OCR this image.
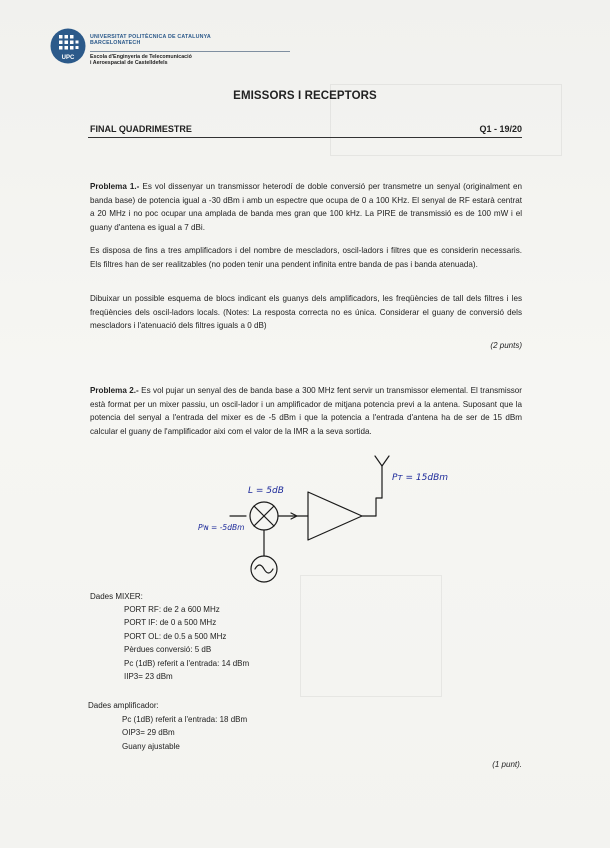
UPC
UNIVERSITAT POLITÈCNICA DE CATALUNYA
BARCELONATECH
Escola d'Enginyeria de Telecomunicació
i Aeroespacial de Castelldefels
EMISSORS I RECEPTORS
FINAL QUADRIMESTRE	Q1 - 19/20
Problema 1.- Es vol dissenyar un transmissor heterodí de doble conversió per transmetre un senyal (originalment en banda base) de potencia igual a -30 dBm i amb un espectre que ocupa de 0 a 100 KHz. El senyal de RF estarà centrat a 20 MHz i no poc ocupar una amplada de banda mes gran que 100 kHz. La PIRE de transmissió es de 100 mW i el guany d'antena es igual a 7 dBi.
Es disposa de fins a tres amplificadors i del nombre de mescladors, oscil-ladors i filtres que es considerin necessaris. Els filtres han de ser realitzables (no poden tenir una pendent infinita entre banda de pas i banda atenuada).
Dibuixar un possible esquema de blocs indicant els guanys dels amplificadors, les freqüències de tall dels filtres i les freqüències dels oscil-ladors locals. (Notes: La resposta correcta no es única. Considerar el guany de conversió dels mescladors i l'atenuació dels filtres iguals a 0 dB)
(2 punts)
Problema 2.- Es vol pujar un senyal des de banda base a 300 MHz fent servir un transmissor elemental. El transmissor està format per un mixer passiu, un oscil-lador i un amplificador de mitjana potencia previ a la antena. Suposant que la potencia del senyal a l'entrada del mixer es de -5 dBm i que la potencia a l'entrada d'antena ha de ser de 15 dBm calcular el guany de l'amplificador aixi com el valor de la IMR a la seva sortida.
L = 5dB
Pᴵɴ = -5dBm
Pᴛ = 15dBm
Dades MIXER:
PORT RF: de 2 a 600 MHz
PORT IF: de 0 a 500 MHz
PORT OL: de 0.5 a 500 MHz
Pèrdues conversió: 5 dB
Pc (1dB) referit a l'entrada: 14 dBm
IIP3= 23 dBm
Dades amplificador:
Pc (1dB) referit a l'entrada: 18 dBm
OIP3= 29 dBm
Guany ajustable
(1 punt).
